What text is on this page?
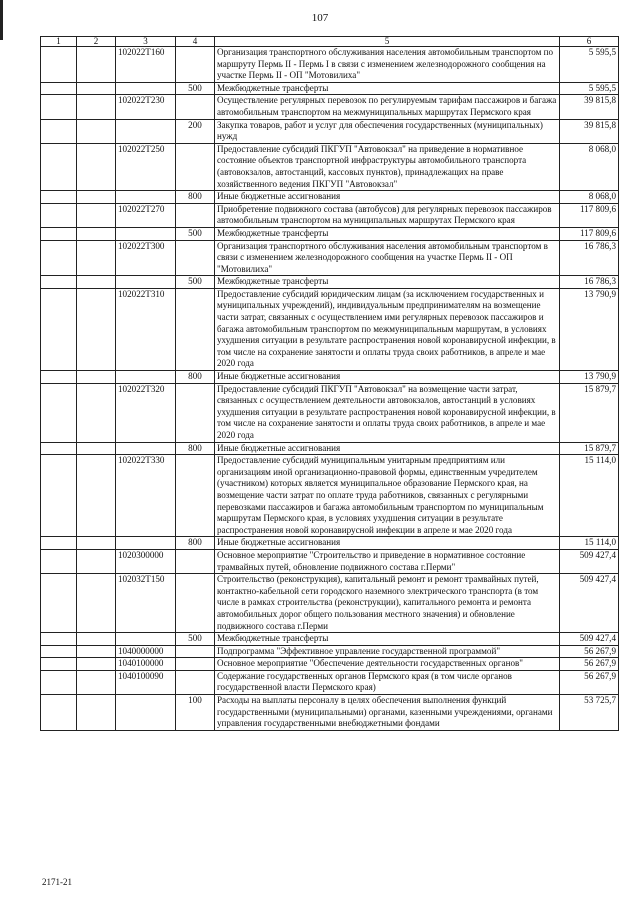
107
1	2	3	4	5	6
		102022T160		Организация транспортного обслуживания населения автомобильным транспортом по маршруту Пермь II - Пермь I в связи с изменением железнодорожного сообщения на участке Пермь II - ОП "Мотовилиха"	5 595,5
			500	Межбюджетные трансферты	5 595,5
		102022T230		Осуществление регулярных перевозок по регулируемым тарифам пассажиров и багажа автомобильным транспортом на межмуниципальных маршрутах Пермского края	39 815,8
			200	Закупка товаров, работ и услуг для обеспечения государственных (муниципальных) нужд	39 815,8
		102022T250		Предоставление субсидий ПКГУП "Автовокзал" на приведение в нормативное состояние объектов транспортной инфраструктуры автомобильного транспорта (автовокзалов, автостанций, кассовых пунктов), принадлежащих на праве хозяйственного ведения ПКГУП "Автовокзал"	8 068,0
			800	Иные бюджетные ассигнования	8 068,0
		102022T270		Приобретение подвижного состава (автобусов) для регулярных перевозок пассажиров автомобильным транспортом на муниципальных маршрутах Пермского края	117 809,6
			500	Межбюджетные трансферты	117 809,6
		102022T300		Организация транспортного обслуживания населения автомобильным транспортом в связи с изменением железнодорожного сообщения на участке Пермь II - ОП "Мотовилиха"	16 786,3
			500	Межбюджетные трансферты	16 786,3
		102022T310		Предоставление субсидий юридическим лицам (за исключением государственных и муниципальных учреждений), индивидуальным предпринимателям на возмещение части затрат, связанных с осуществлением ими регулярных перевозок пассажиров и багажа автомобильным транспортом по межмуниципальным маршрутам, в условиях ухудшения ситуации в результате распространения новой коронавирусной инфекции, в том числе на сохранение занятости и оплаты труда своих работников, в апреле и мае 2020 года	13 790,9
			800	Иные бюджетные ассигнования	13 790,9
		102022T320		Предоставление субсидий ПКГУП "Автовокзал" на возмещение части затрат, связанных с осуществлением деятельности автовокзалов, автостанций в условиях ухудшения ситуации в результате распространения новой коронавирусной инфекции, в том числе на сохранение занятости и оплаты труда своих работников, в апреле и мае 2020 года	15 879,7
			800	Иные бюджетные ассигнования	15 879,7
		102022T330		Предоставление субсидий муниципальным унитарным предприятиям или организациям иной организационно-правовой формы, единственным учредителем (участником) которых является муниципальное образование Пермского края, на возмещение части затрат по оплате труда работников, связанных с регулярными перевозками пассажиров и багажа автомобильным транспортом по муниципальным маршрутам Пермского края, в условиях ухудшения ситуации в результате распространения новой коронавирусной инфекции в апреле и мае 2020 года	15 114,0
			800	Иные бюджетные ассигнования	15 114,0
		1020300000		Основное мероприятие "Строительство и приведение в нормативное состояние трамвайных путей, обновление подвижного состава г.Перми"	509 427,4
		102032T150		Строительство (реконструкция), капитальный ремонт и ремонт трамвайных путей, контактно-кабельной сети городского наземного электрического транспорта (в том числе в рамках строительства (реконструкции), капитального ремонта и ремонта автомобильных дорог общего пользования местного значения) и обновление подвижного состава г.Перми	509 427,4
			500	Межбюджетные трансферты	509 427,4
		1040000000		Подпрограмма "Эффективное управление государственной программой"	56 267,9
		1040100000		Основное мероприятие "Обеспечение деятельности государственных органов"	56 267,9
		1040100090		Содержание государственных органов Пермского края (в том числе органов государственной власти Пермского края)	56 267,9
			100	Расходы на выплаты персоналу в целях обеспечения выполнения функций государственными (муниципальными) органами, казенными учреждениями, органами управления государственными внебюджетными фондами	53 725,7
2171-21
